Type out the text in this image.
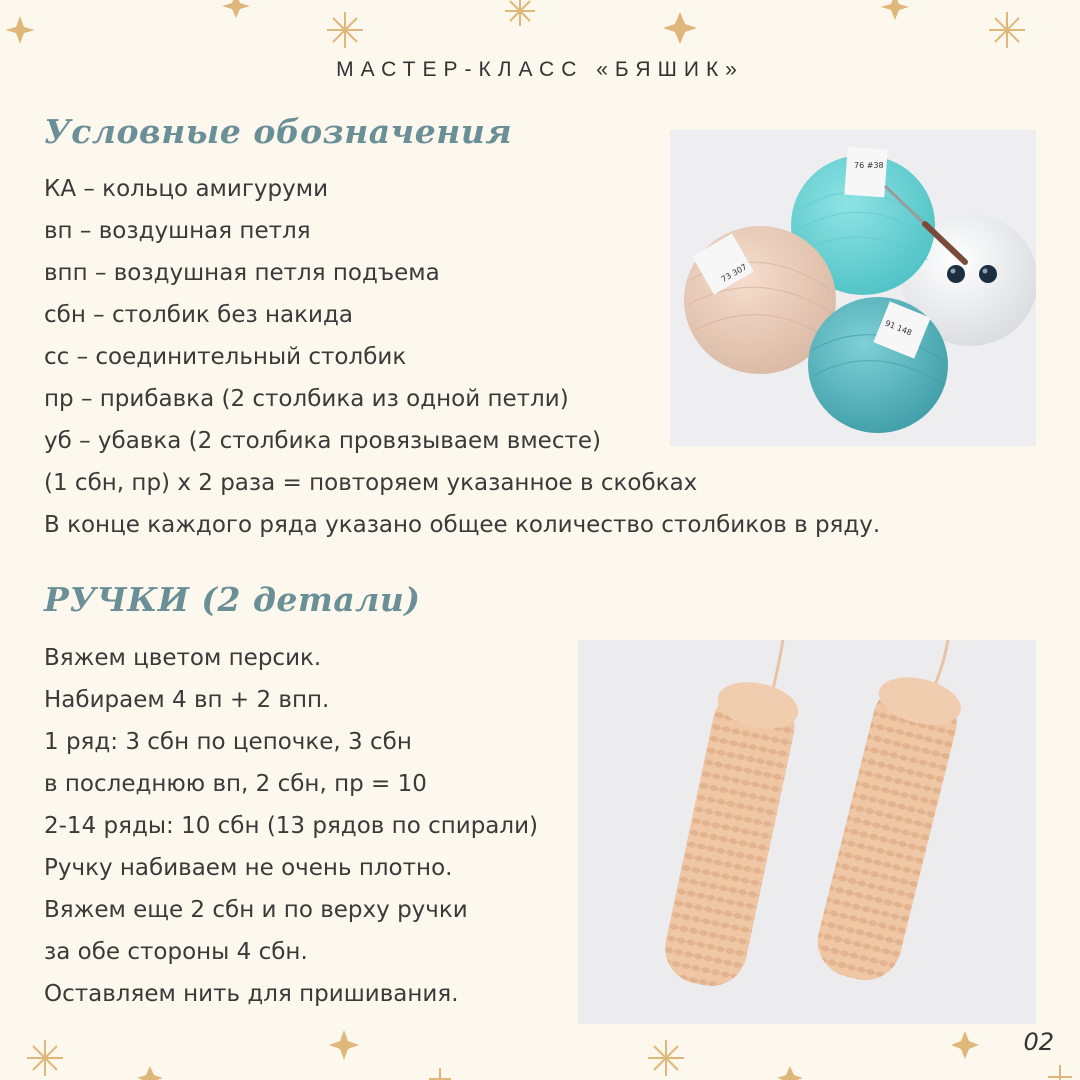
МАСТЕР-КЛАСС «БЯШИК»
Условные обозначения
КА – кольцо амигуруми
вп – воздушная петля
впп – воздушная петля подъема
сбн – столбик без накида
сс – соединительный столбик
пр – прибавка (2 столбика из одной петли)
уб – убавка (2 столбика провязываем вместе)
(1 сбн, пр) х 2 раза = повторяем указанное в скобках
В конце каждого ряда указано общее количество столбиков в ряду.
76 #38
73 307
91 148
РУЧКИ (2 детали)
Вяжем цветом персик.
Набираем 4 вп + 2 впп.
1 ряд: 3 сбн по цепочке, 3 сбн
в последнюю вп, 2 сбн, пр = 10
2-14 ряды: 10 сбн (13 рядов по спирали)
Ручку набиваем не очень плотно.
Вяжем еще 2 сбн и по верху ручки
за обе стороны 4 сбн.
Оставляем нить для пришивания.
02
